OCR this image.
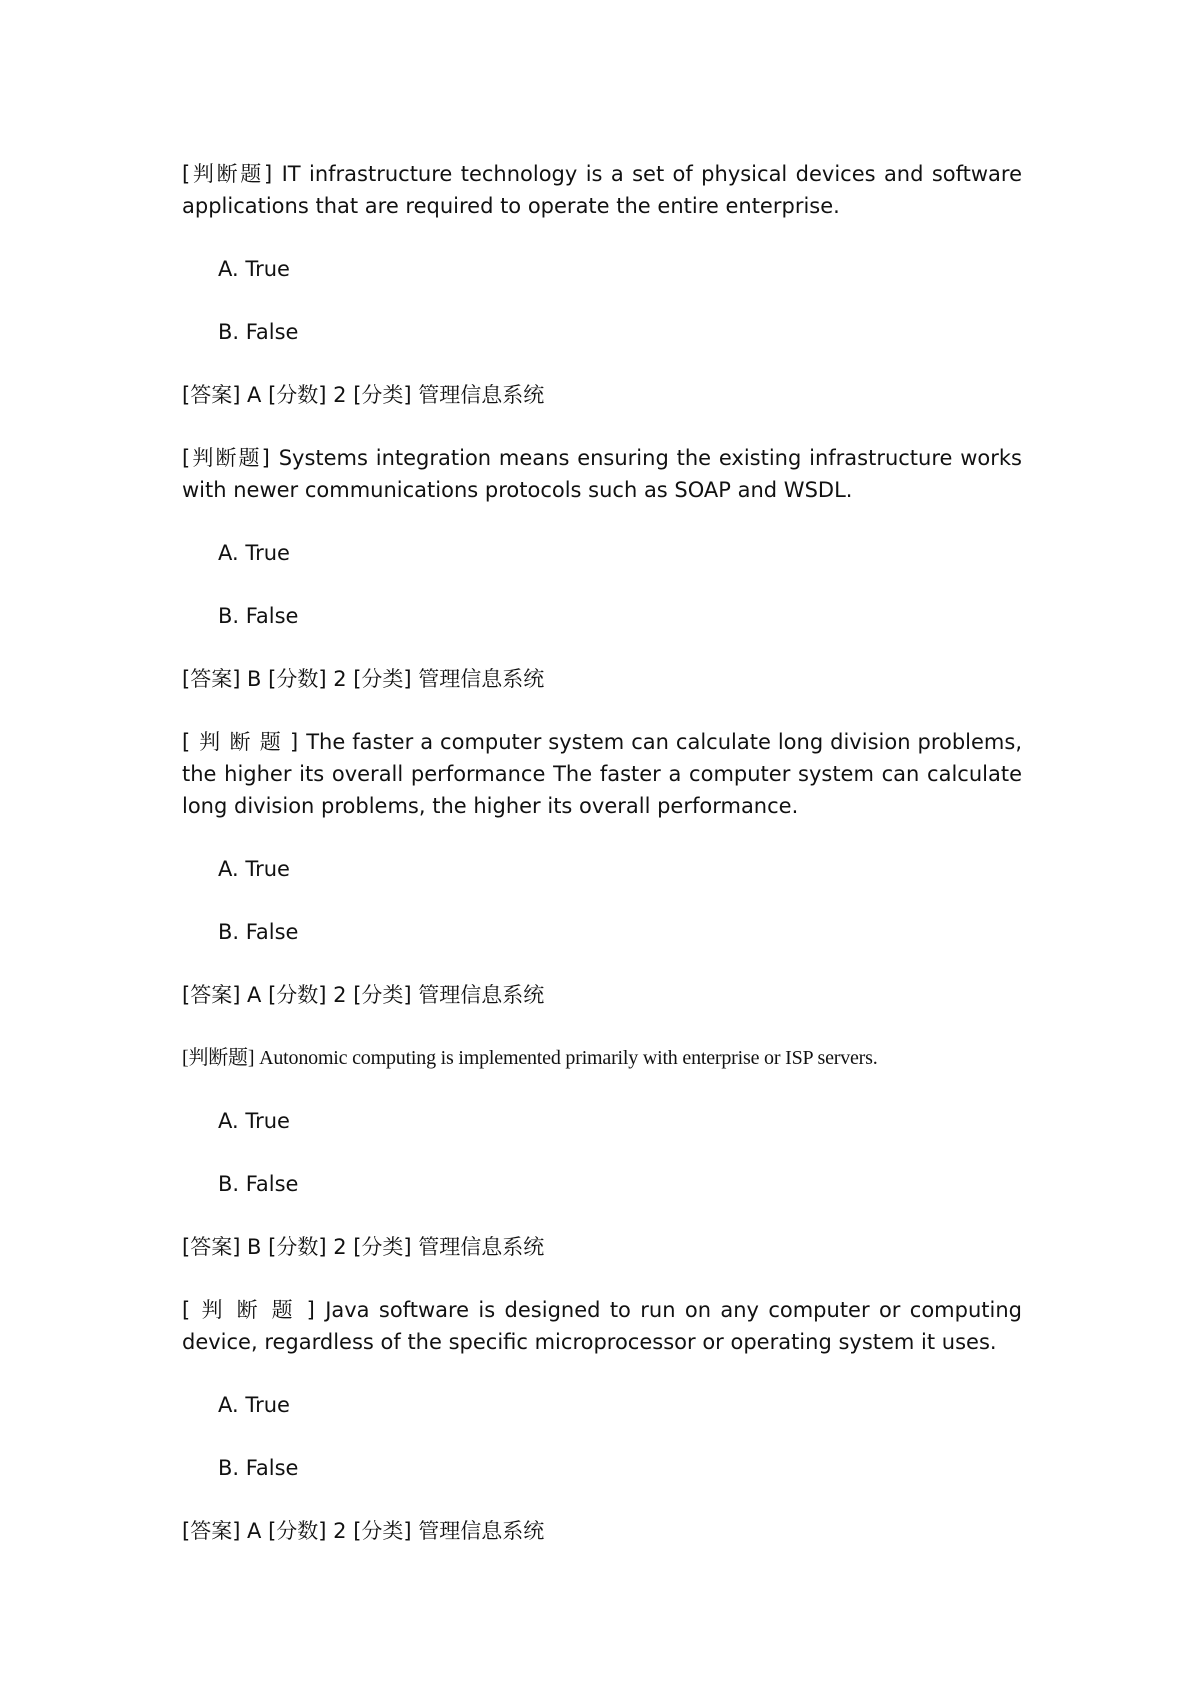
[判断题] IT infrastructure technology is a set of physical devices and software applications that are required to operate the entire enterprise.

A. True
B. False
[答案] A [分数] 2 [分类] 管理信息系统

[判断题] Systems integration means ensuring the existing infrastructure works with newer communications protocols such as SOAP and WSDL.

A. True
B. False
[答案] B [分数] 2 [分类] 管理信息系统

[ 判 断 题 ] The faster a computer system can calculate long division problems, the higher its overall performance The faster a computer system can calculate long division problems, the higher its overall performance.

A. True
B. False
[答案] A [分数] 2 [分类] 管理信息系统

[判断题] Autonomic computing is implemented primarily with enterprise or ISP servers.

A. True
B. False
[答案] B [分数] 2 [分类] 管理信息系统

[ 判 断 题 ] Java software is designed to run on any computer or computing device, regardless of the specific microprocessor or operating system it uses.

A. True
B. False
[答案] A [分数] 2 [分类] 管理信息系统
